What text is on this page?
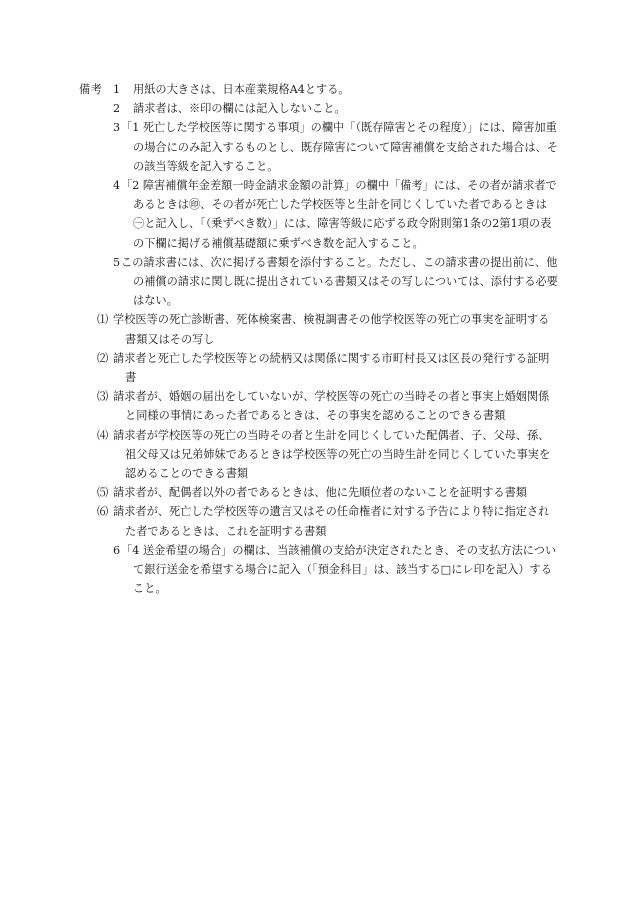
備考 1	用紙の大きさは、日本産業規格A4とする。
2	請求者は、※印の欄には記入しないこと。
3 「1 死亡した学校医等に関する事項」の欄中「（既存障害とその程度）」には、障害加重の場合にのみ記入するものとし、既存障害について障害補償を支給された場合は、その該当等級を記入すること。
4 「2 障害補償年金差額一時金請求金額の計算」の欄中「備考」には、その者が請求者であるときは㊞、その者が死亡した学校医等と生計を同じくしていた者であるときは㊀と記入し、「（乗ずべき数）」には、障害等級に応ずる政令附則第1条の2第1項の表の下欄に掲げる補償基礎額に乗ずべき数を記入すること。
5 この請求書には、次に掲げる書類を添付すること。ただし、この請求書の提出前に、他の補償の請求に関し既に提出されている書類又はその写しについては、添付する必要はない。
⑴ 学校医等の死亡診断書、死体検案書、検視調書その他学校医等の死亡の事実を証明する書類又はその写し
⑵ 請求者と死亡した学校医等との続柄又は関係に関する市町村長又は区長の発行する証明書
⑶ 請求者が、婚姻の届出をしていないが、学校医等の死亡の当時その者と事実上婚姻関係と同様の事情にあった者であるときは、その事実を認めることのできる書類
⑷ 請求者が学校医等の死亡の当時その者と生計を同じくしていた配偶者、子、父母、孫、祖父母又は兄弟姉妹であるときは学校医等の死亡の当時生計を同じくしていた事実を認めることのできる書類
⑸ 請求者が、配偶者以外の者であるときは、他に先順位者のないことを証明する書類
⑹ 請求者が、死亡した学校医等の遺言又はその任命権者に対する予告により特に指定された者であるときは、これを証明する書類
6 「4 送金希望の場合」の欄は、当該補償の支給が決定されたとき、その支払方法について銀行送金を希望する場合に記入（「預金科目」は、該当する□にレ印を記入）すること。
